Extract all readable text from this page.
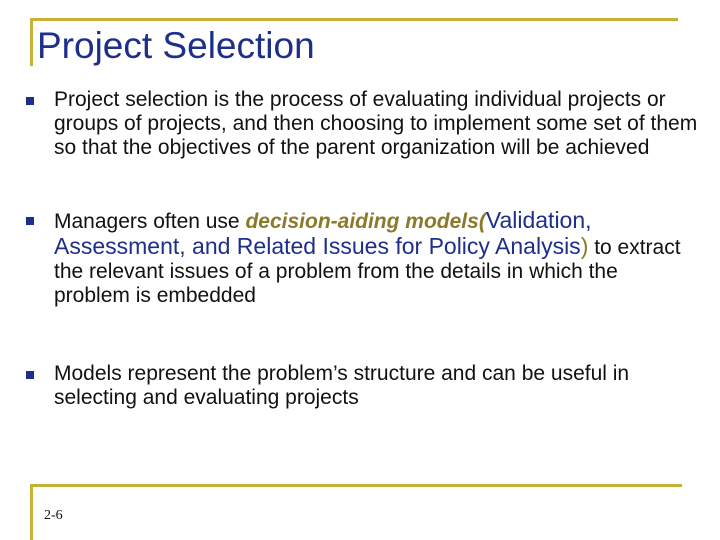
Project Selection
Project selection is the process of evaluating individual projects or groups of projects, and then choosing to implement some set of them so that the objectives of the parent organization will be achieved
Managers often use decision-aiding models(Validation, Assessment, and Related Issues for Policy Analysis) to extract the relevant issues of a problem from the details in which the problem is embedded
Models represent the problem’s structure and can be useful in selecting and evaluating projects
2-6
